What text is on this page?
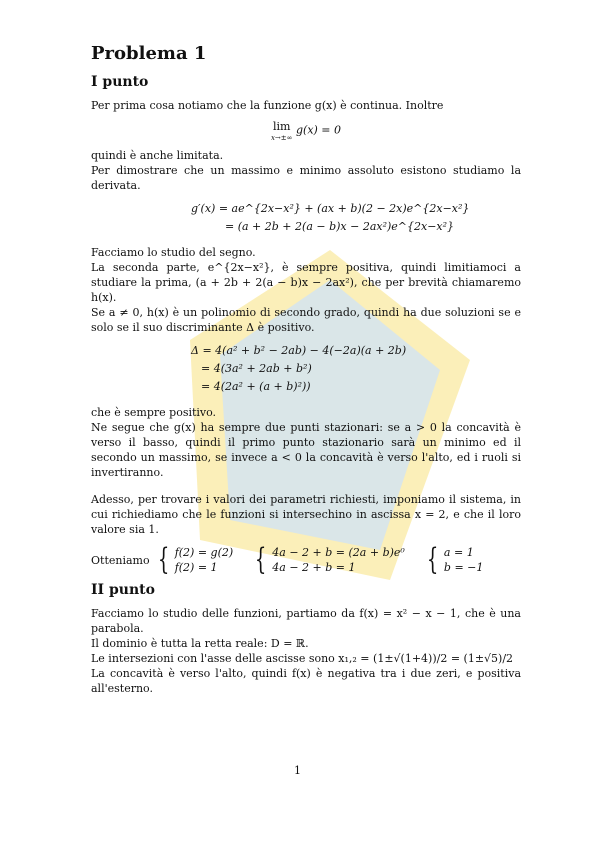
Problema 1
I punto

Per prima cosa notiamo che la funzione g(x) è continua. Inoltre

lim
x→±∞
g(x) = 0

quindi è anche limitata.

Per dimostrare che un massimo e minimo assoluto esistono studiamo la derivata.

g′(x) = ae^{2x−x²} + (ax + b)(2 − 2x)e^{2x−x²}
= (a + 2b + 2(a − b)x − 2ax²)e^{2x−x²}

Facciamo lo studio del segno.

La seconda parte, e^{2x−x²}, è sempre positiva, quindi limitiamoci a studiare la prima, (a + 2b + 2(a − b)x − 2ax²), che per brevità chiamaremo h(x).

Se a ≠ 0, h(x) è un polinomio di secondo grado, quindi ha due soluzioni se e solo se il suo discriminante Δ è positivo.

Δ = 4(a² + b² − 2ab) − 4(−2a)(a + 2b)
= 4(3a² + 2ab + b²)
= 4(2a² + (a + b)²))

che è sempre positivo.

Ne segue che g(x) ha sempre due punti stazionari: se a > 0 la concavità è verso il basso, quindi il primo punto stazionario sarà un minimo ed il secondo un massimo, se invece a < 0 la concavità è verso l'alto, ed i ruoli si invertiranno.

Adesso, per trovare i valori dei parametri richiesti, imponiamo il sistema, in cui richiediamo che le funzioni si intersechino in ascissa x = 2, e che il loro valore sia 1.

Otteniamo { f(2) = g(2)
f(2) = 1	{ 4a − 2 + b = (2a + b)e⁰
4a − 2 + b = 1	{ a = 1
b = −1
II punto

Facciamo lo studio delle funzioni, partiamo da f(x) = x² − x − 1, che è una parabola.

Il dominio è tutta la retta reale: D = ℝ.

Le intersezioni con l'asse delle ascisse sono x₁,₂ = (1±√(1+4))/2 = (1±√5)/2

La concavità è verso l'alto, quindi f(x) è negativa tra i due zeri, e positiva all'esterno.

1
